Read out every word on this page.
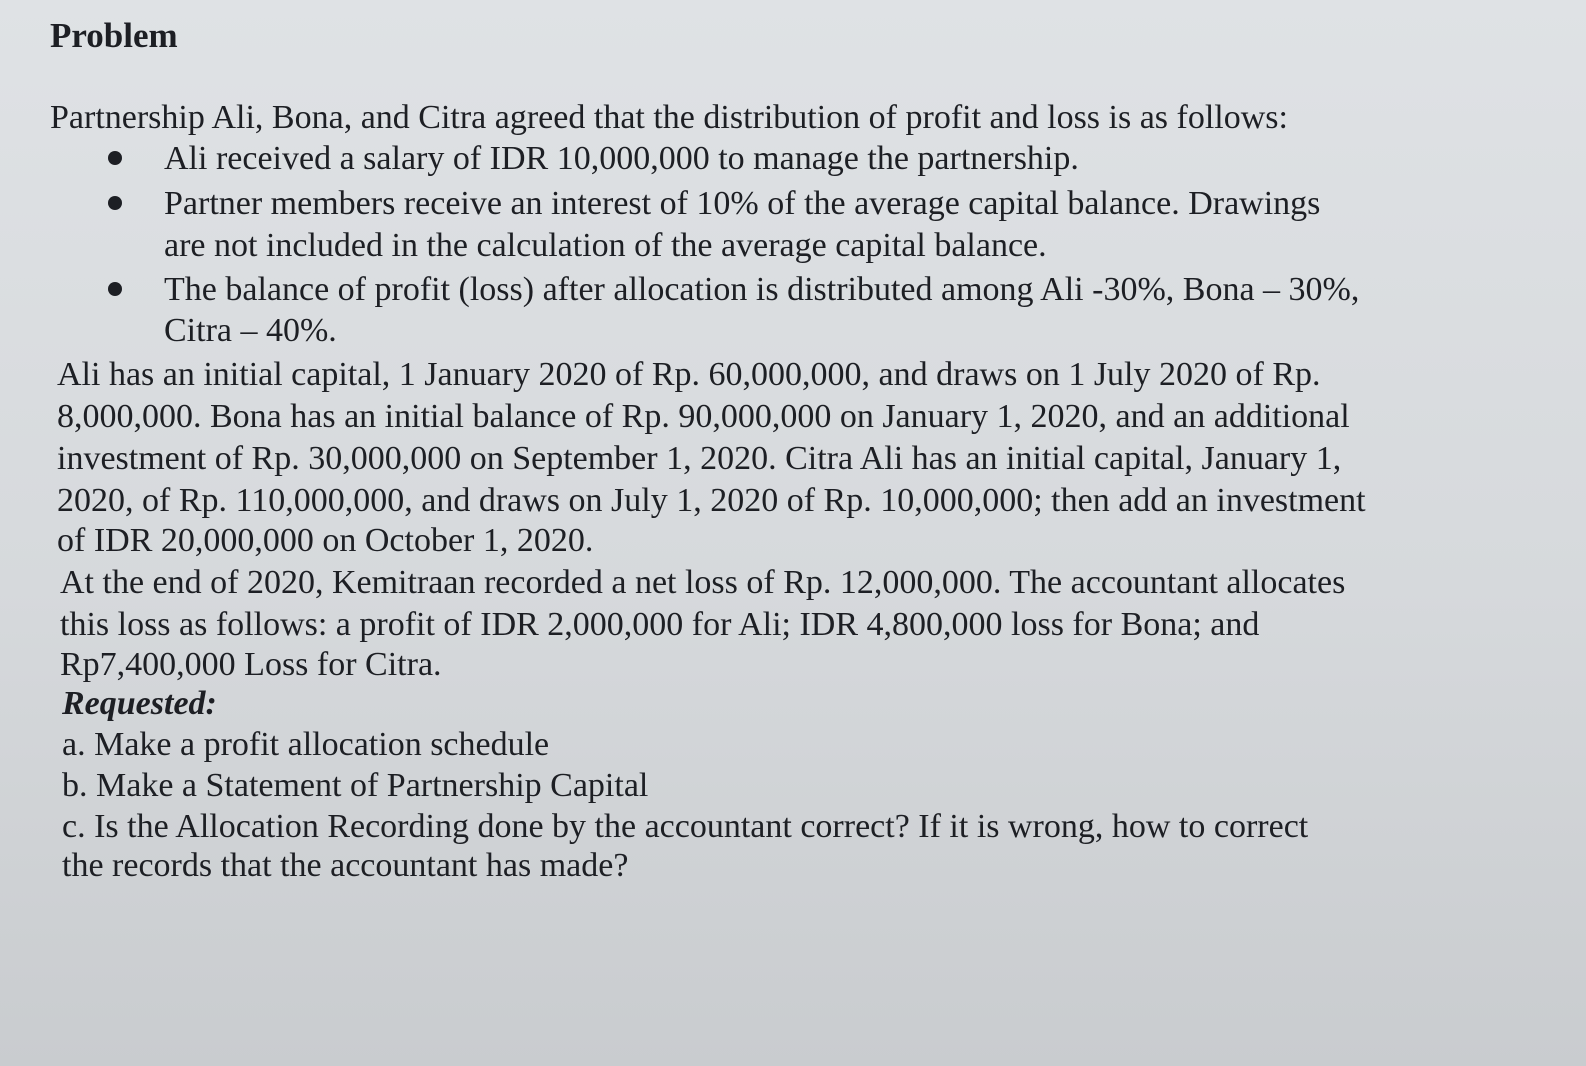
Problem
Partnership Ali, Bona, and Citra agreed that the distribution of profit and loss is as follows:
Ali received a salary of IDR 10,000,000 to manage the partnership.
Partner members receive an interest of 10% of the average capital balance. Drawings
are not included in the calculation of the average capital balance.
The balance of profit (loss) after allocation is distributed among Ali -30%, Bona – 30%,
Citra – 40%.
Ali has an initial capital, 1 January 2020 of Rp. 60,000,000, and draws on 1 July 2020 of Rp.
8,000,000. Bona has an initial balance of Rp. 90,000,000 on January 1, 2020, and an additional
investment of Rp. 30,000,000 on September 1, 2020. Citra Ali has an initial capital, January 1,
2020, of Rp. 110,000,000, and draws on July 1, 2020 of Rp. 10,000,000; then add an investment
of IDR 20,000,000 on October 1, 2020.
At the end of 2020, Kemitraan recorded a net loss of Rp. 12,000,000. The accountant allocates
this loss as follows: a profit of IDR 2,000,000 for Ali; IDR 4,800,000 loss for Bona; and
Rp7,400,000 Loss for Citra.
Requested:
a. Make a profit allocation schedule
b. Make a Statement of Partnership Capital
c. Is the Allocation Recording done by the accountant correct? If it is wrong, how to correct
the records that the accountant has made?
